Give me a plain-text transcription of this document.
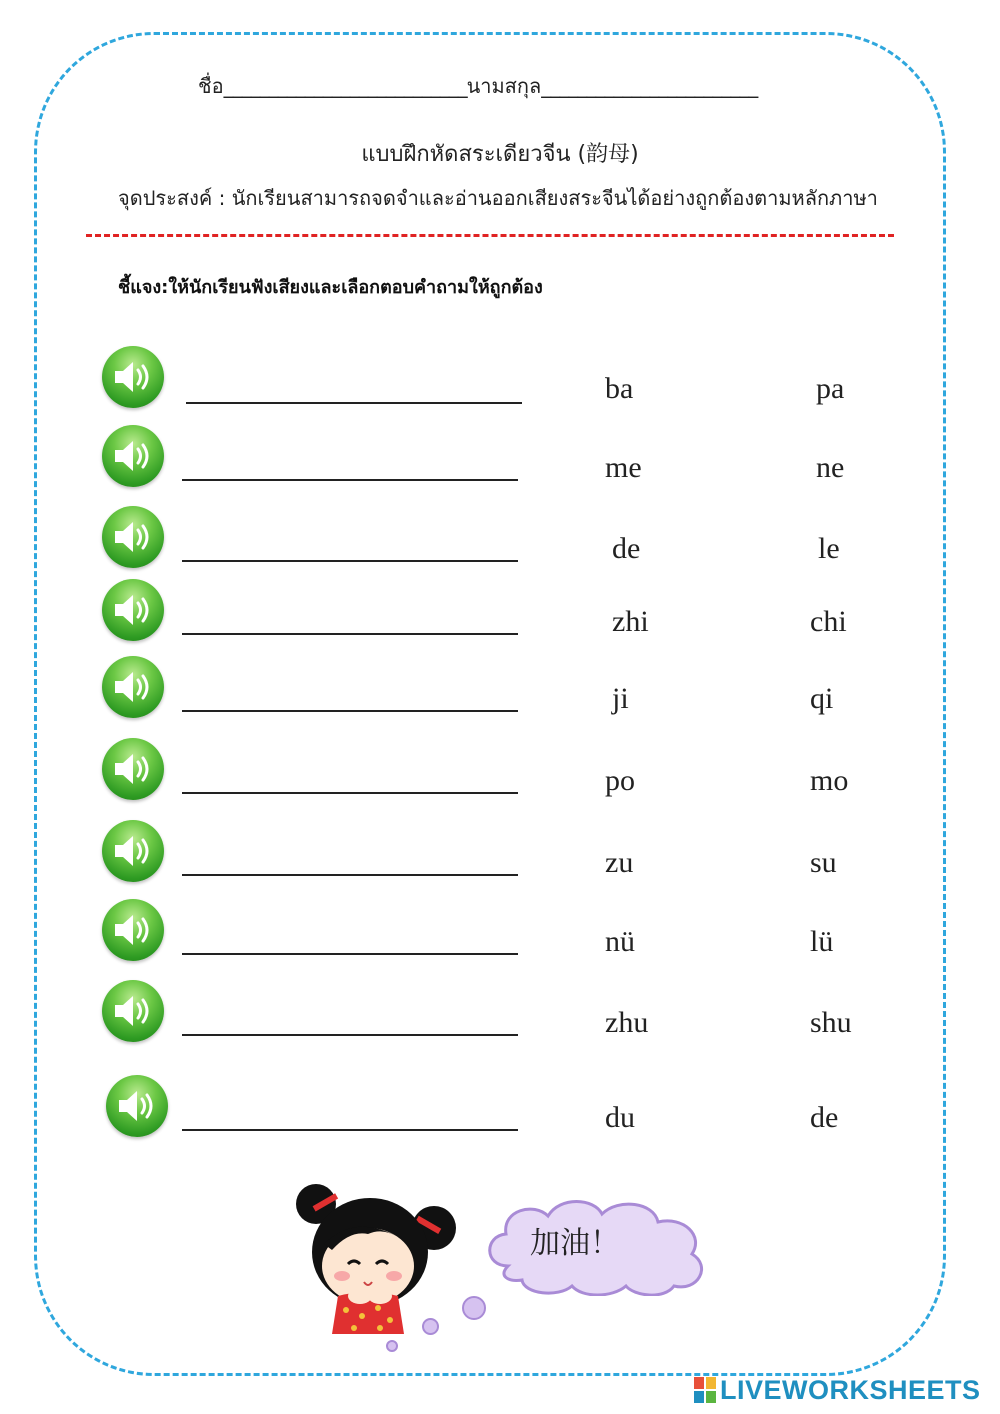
ชื่อ___________________________นามสกุล________________________
แบบฝึกหัดสระเดียวจีน (韵母)
จุดประสงค์ : นักเรียนสามารถจดจำและอ่านออกเสียงสระจีนได้อย่างถูกต้องตามหลักภาษา
ชี้แจง:ให้นักเรียนฟังเสียงและเลือกตอบคำถามให้ถูกต้อง
ba	pa
me	ne
de	le
zhi	chi
ji	qi
po	mo
zu	su
nü	lü
zhu	shu
du	de
加油！
LIVEWORKSHEETS
